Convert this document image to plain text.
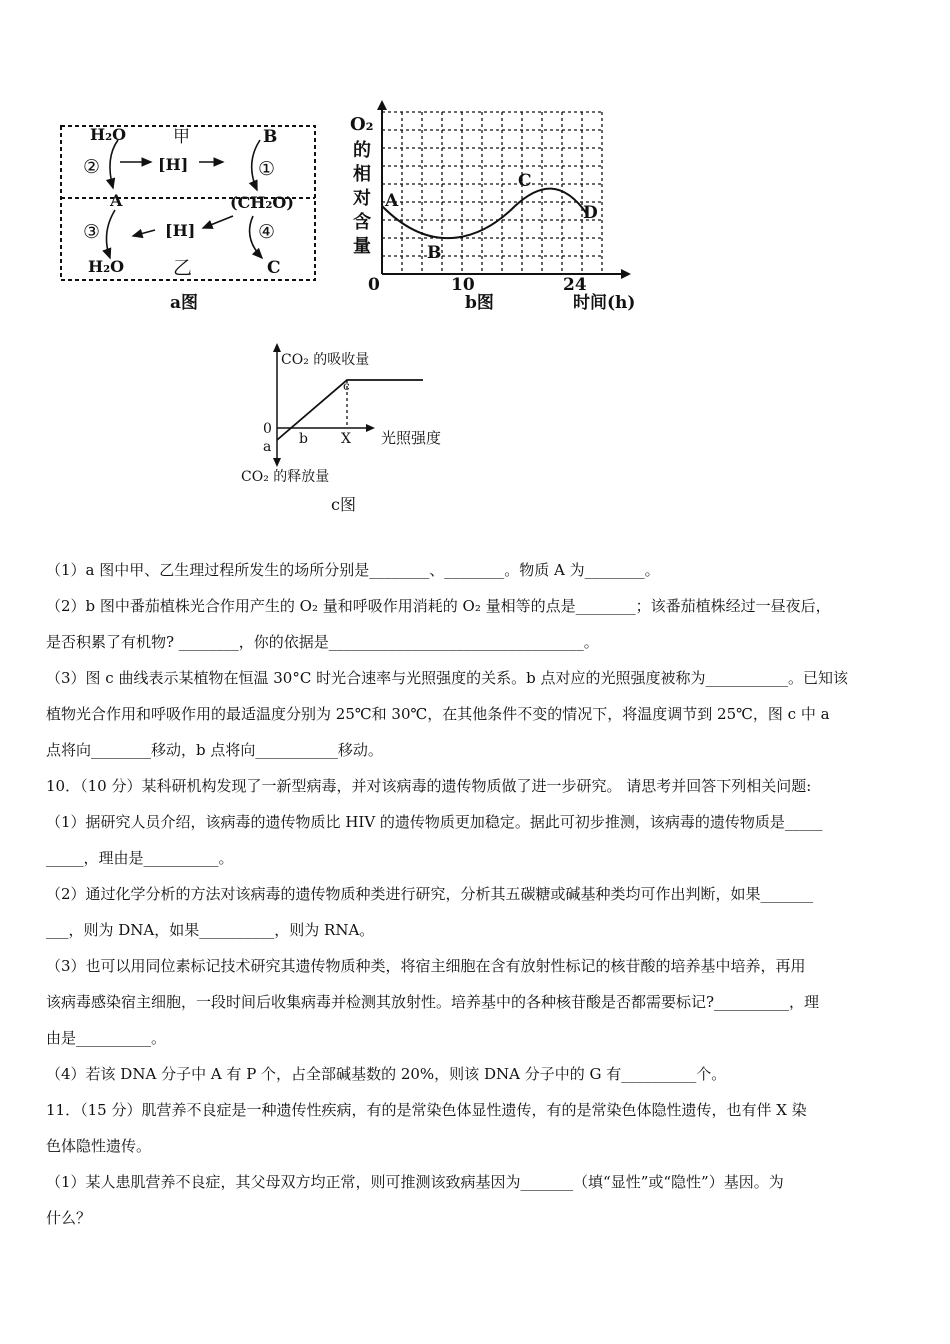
H₂O	甲	B
[H]
②	①
A	(CH₂O)
③	[H]	④
H₂O	乙	C
a图
O₂
的
相
对
含
量
A
B
C
D
0	10	24
b图	时间(h)
CO₂ 的吸收量
0
a b
c
X 光照强度
CO₂ 的释放量
c图
（1）a 图中甲、乙生理过程所发生的场所分别是________、________。物质 A 为________。
（2）b 图中番茄植株光合作用产生的 O₂ 量和呼吸作用消耗的 O₂ 量相等的点是________；该番茄植株经过一昼夜后，
是否积累了有机物? ________，你的依据是__________________________________。
（3）图 c 曲线表示某植物在恒温 30°C 时光合速率与光照强度的关系。b 点对应的光照强度被称为___________。已知该
植物光合作用和呼吸作用的最适温度分别为 25℃和 30℃，在其他条件不变的情况下，将温度调节到 25℃，图 c 中 a
点将向________移动，b 点将向___________移动。
10．（10 分）某科研机构发现了一新型病毒，并对该病毒的遗传物质做了进一步研究。 请思考并回答下列相关问题:
（1）据研究人员介绍，该病毒的遗传物质比 HIV 的遗传物质更加稳定。据此可初步推测，该病毒的遗传物质是_____
_____，理由是__________。
（2）通过化学分析的方法对该病毒的遗传物质种类进行研究，分析其五碳糖或碱基种类均可作出判断，如果_______
___，则为 DNA，如果__________，则为 RNA。
（3）也可以用同位素标记技术研究其遗传物质种类，将宿主细胞在含有放射性标记的核苷酸的培养基中培养，再用
该病毒感染宿主细胞，一段时间后收集病毒并检测其放射性。培养基中的各种核苷酸是否都需要标记?__________，理
由是__________。
（4）若该 DNA 分子中 A 有 P 个，占全部碱基数的 20%，则该 DNA 分子中的 G 有__________个。
11．（15 分）肌营养不良症是一种遗传性疾病，有的是常染色体显性遗传，有的是常染色体隐性遗传，也有伴 X 染
色体隐性遗传。
（1）某人患肌营养不良症，其父母双方均正常，则可推测该致病基因为_______（填“显性”或“隐性”）基因。为
什么？
